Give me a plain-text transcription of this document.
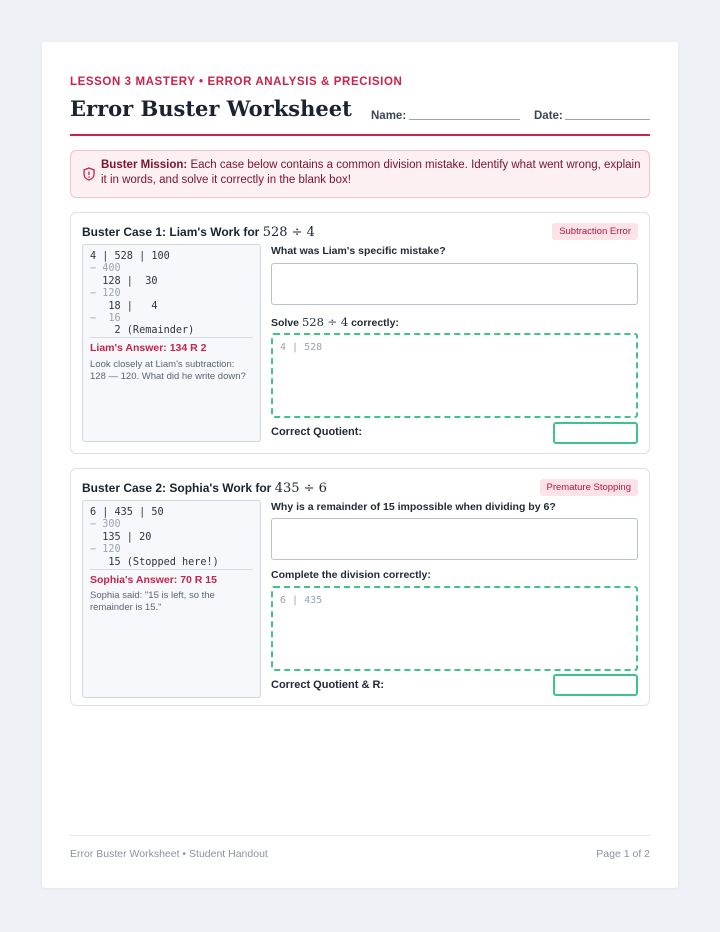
LESSON 3 MASTERY • ERROR ANALYSIS & PRECISION
Error Buster Worksheet Name:	Date:
Buster Mission: Each case below contains a common division mistake. Identify what went wrong, explain it in words, and solve it correctly in the blank box!
Buster Case 1: Liam's Work for 528 ÷ 4	Subtraction Error
4 | 528 | 100
− 400
128 |  30
− 120
18 |   4
−  16
2 (Remainder)
Liam's Answer: 134 R 2
Look closely at Liam's subtraction: 128 — 120. What did he write down?
What was Liam's specific mistake?
Solve 528 ÷ 4 correctly:
4 | 528
Correct Quotient:
Buster Case 2: Sophia's Work for 435 ÷ 6	Premature Stopping
6 | 435 | 50
− 300
135 | 20
− 120
15 (Stopped here!)
Sophia's Answer: 70 R 15
Sophia said: "15 is left, so the remainder is 15."
Why is a remainder of 15 impossible when dividing by 6?
Complete the division correctly:
6 | 435
Correct Quotient & R:
Error Buster Worksheet • Student Handout	Page 1 of 2
